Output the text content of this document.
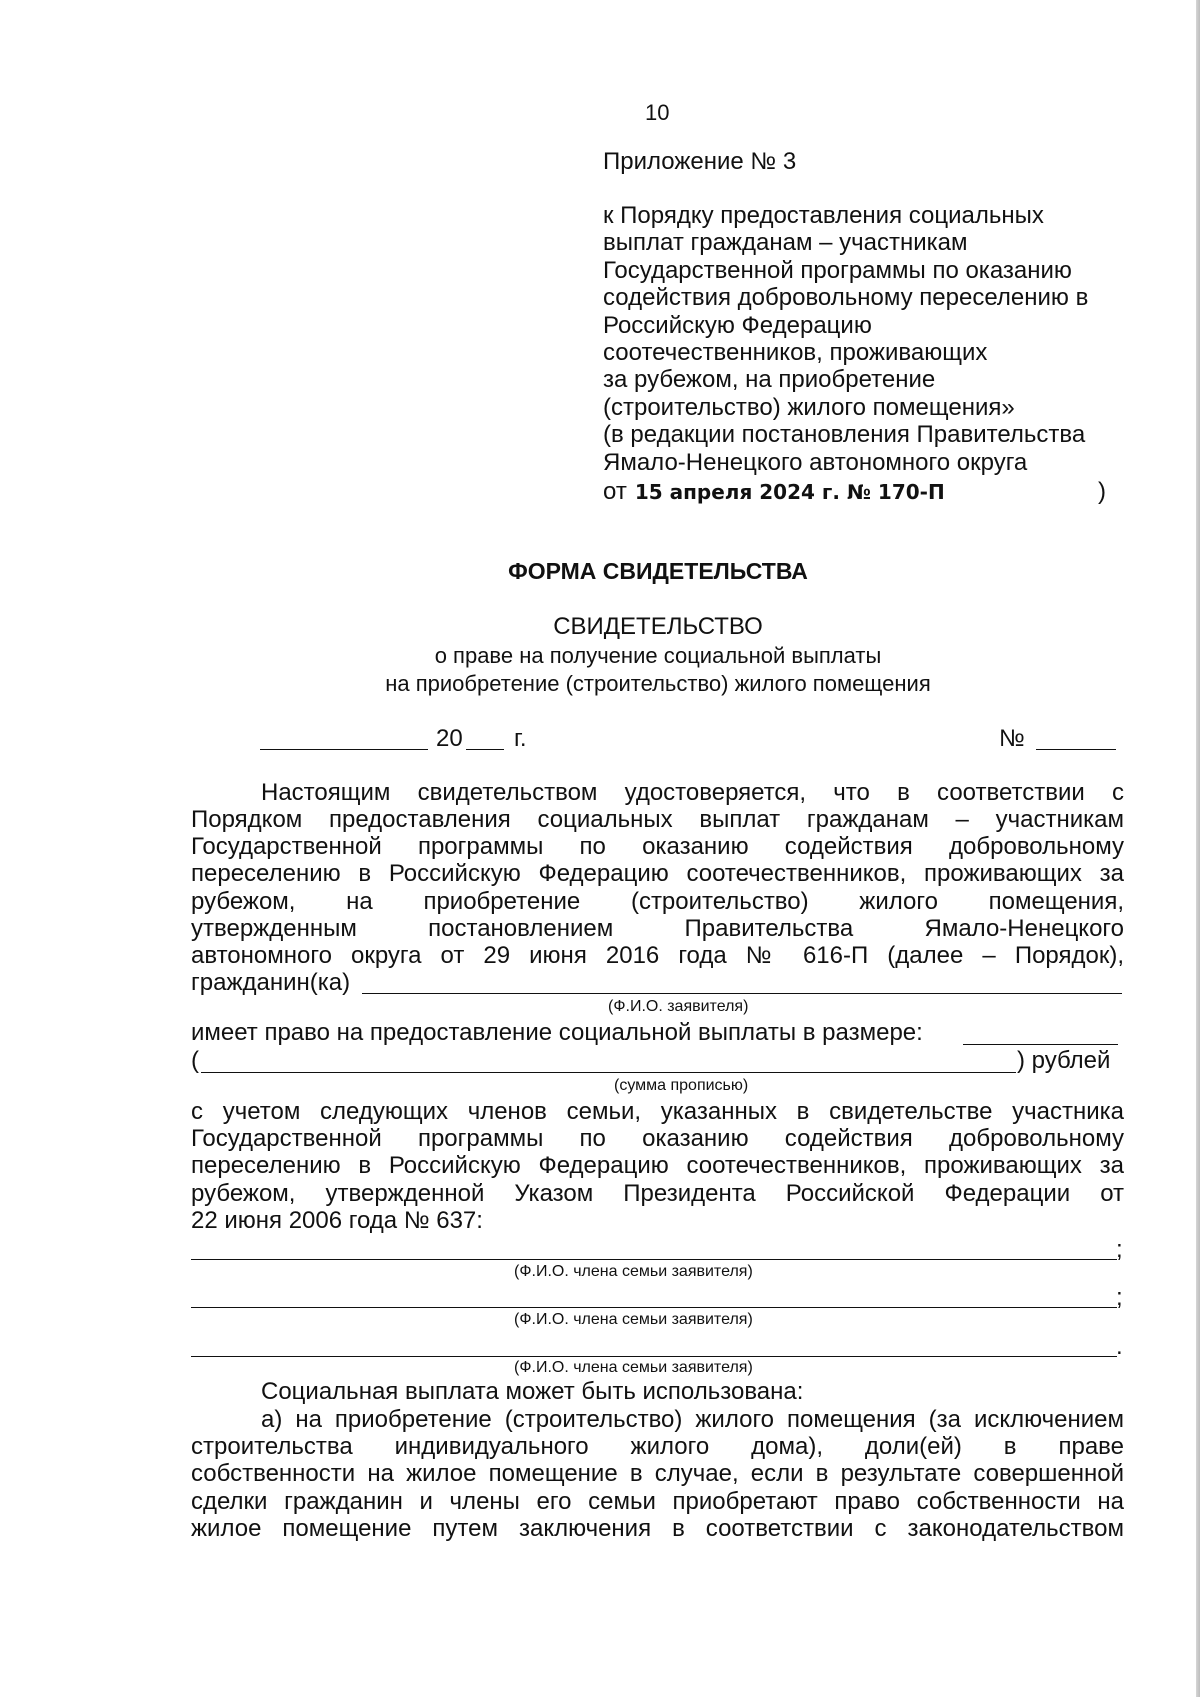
10
Приложение № 3
к Порядку предоставления социальных
выплат гражданам – участникам
Государственной программы по оказанию
содействия добровольному переселению в
Российскую Федерацию
соотечественников, проживающих
за рубежом, на приобретение
(строительство) жилого помещения»
(в редакции постановления Правительства
Ямало-Ненецкого автономного округа
от 15 апреля 2024 г. № 170-П	)
ФОРМА СВИДЕТЕЛЬСТВА
СВИДЕТЕЛЬСТВО
о праве на получение социальной выплаты
на приобретение (строительство) жилого помещения
20 г.	№
Настоящим свидетельством удостоверяется, что в соответствии с
Порядком предоставления социальных выплат гражданам – участникам
Государственной программы по оказанию содействия добровольному
переселению в Российскую Федерацию соотечественников, проживающих за
рубежом, на приобретение (строительство) жилого помещения,
утвержденным постановлением Правительства Ямало-Ненецкого
автономного округа от 29 июня 2016 года № 616-П (далее – Порядок),
гражданин(ка)
(Ф.И.О. заявителя)
имеет право на предоставление социальной выплаты в размере:
(	) рублей
(сумма прописью)
с учетом следующих членов семьи, указанных в свидетельстве участника
Государственной программы по оказанию содействия добровольному
переселению в Российскую Федерацию соотечественников, проживающих за
рубежом, утвержденной Указом Президента Российской Федерации от
22 июня 2006 года № 637:
;
(Ф.И.О. члена семьи заявителя)
;
(Ф.И.О. члена семьи заявителя)
.
(Ф.И.О. члена семьи заявителя)
Социальная выплата может быть использована:
а) на приобретение (строительство) жилого помещения (за исключением
строительства индивидуального жилого дома), доли(ей) в праве
собственности на жилое помещение в случае, если в результате совершенной
сделки гражданин и члены его семьи приобретают право собственности на
жилое помещение путем заключения в соответствии с законодательством
